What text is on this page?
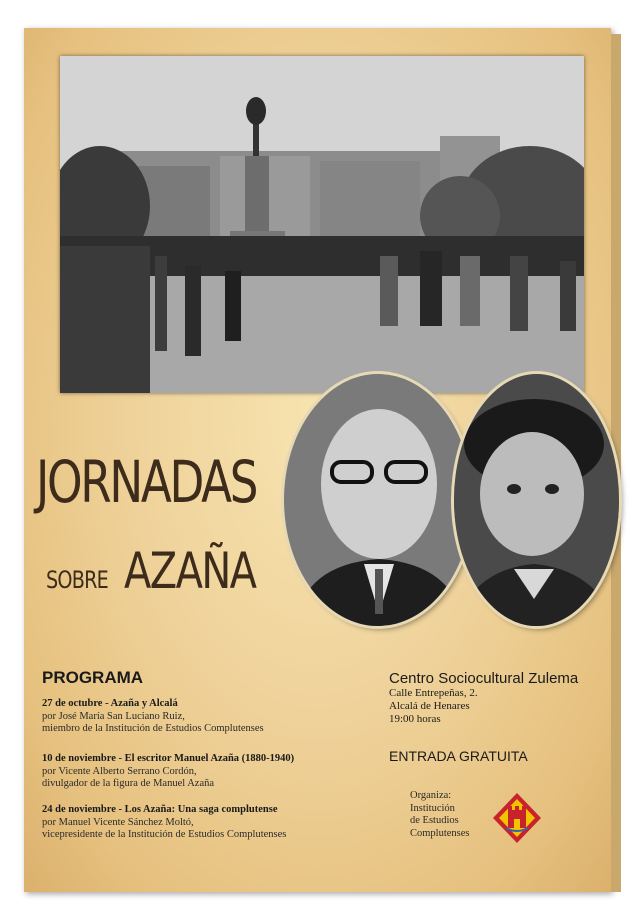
JORNADAS
SOBRE AZAÑA
PROGRAMA
27 de octubre - Azaña y Alcalá
por José María San Luciano Ruiz,
miembro de la Institución de Estudios Complutenses
10 de noviembre - El escritor Manuel Azaña (1880-1940)
por Vicente Alberto Serrano Cordón,
divulgador de la figura de Manuel Azaña
24 de noviembre - Los Azaña: Una saga complutense
por Manuel Vicente Sánchez Moltó,
vicepresidente de la Institución de Estudios Complutenses
Centro Sociocultural Zulema
Calle Entrepeñas, 2.
Alcalá de Henares
19:00 horas
ENTRADA GRATUITA
Organiza:
Institución
de Estudios
Complutenses
